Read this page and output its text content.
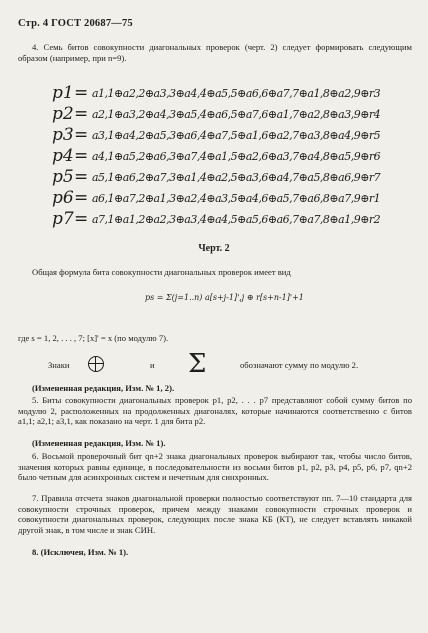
Стр. 4 ГОСТ 20687—75
4. Семь битов совокупности диагональных проверок (черт. 2) следует формировать следующим образом (например, при n=9).
p1 = a1,1⊕a2,2⊕a3,3⊕a4,4⊕a5,5⊕a6,6⊕a7,7⊕a1,8⊕a2,9⊕r3
p2 = a2,1⊕a3,2⊕a4,3⊕a5,4⊕a6,5⊕a7,6⊕a1,7⊕a2,8⊕a3,9⊕r4
p3 = a3,1⊕a4,2⊕a5,3⊕a6,4⊕a7,5⊕a1,6⊕a2,7⊕a3,8⊕a4,9⊕r5
p4 = a4,1⊕a5,2⊕a6,3⊕a7,4⊕a1,5⊕a2,6⊕a3,7⊕a4,8⊕a5,9⊕r6
p5 = a5,1⊕a6,2⊕a7,3⊕a1,4⊕a2,5⊕a3,6⊕a4,7⊕a5,8⊕a6,9⊕r7
p6 = a6,1⊕a7,2⊕a1,3⊕a2,4⊕a3,5⊕a4,6⊕a5,7⊕a6,8⊕a7,9⊕r1
p7 = a7,1⊕a1,2⊕a2,3⊕a3,4⊕a4,5⊕a5,6⊕a6,7⊕a7,8⊕a1,9⊕r2
Черт. 2
Общая формула бита совокупности диагональных проверок имеет вид
ps = Σ(j=1..n) a[s+j-1]',j ⊕ r[s+n-1]'+1
где s = 1, 2, . . . , 7; [x]' = x (по модулю 7).
Знаки	и Σ	обозначают сумму по модулю 2.
(Измененная редакция, Изм. № 1, 2).
5. Биты совокупности диагональных проверок p1, p2, . . . p7 представляют собой сумму битов по модулю 2, расположенных на продолженных диагоналях, которые начинаются соответственно с битов a1,1; a2,1; a3,1, как показано на черт. 1 для бита p2.
(Измененная редакция, Изм. № 1).
6. Восьмой проверочный бит qn+2 знака диагональных проверок выбирают так, чтобы число битов, значения которых равны единице, в последовательности из восьми битов p1, p2, p3, p4, p5, p6, p7, qn+2 было четным для асинхронных систем и нечетным для синхронных.
7. Правила отсчета знаков диагональной проверки полностью соответствуют пп. 7—10 стандарта для совокупности строчных проверок, причем между знаками совокупности строчных проверок и совокупности диагональных проверок, следующих после знака КБ (КТ), не следует вставлять никакой другой знак, в том числе и знак СИН.
8. (Исключен, Изм. № 1).
